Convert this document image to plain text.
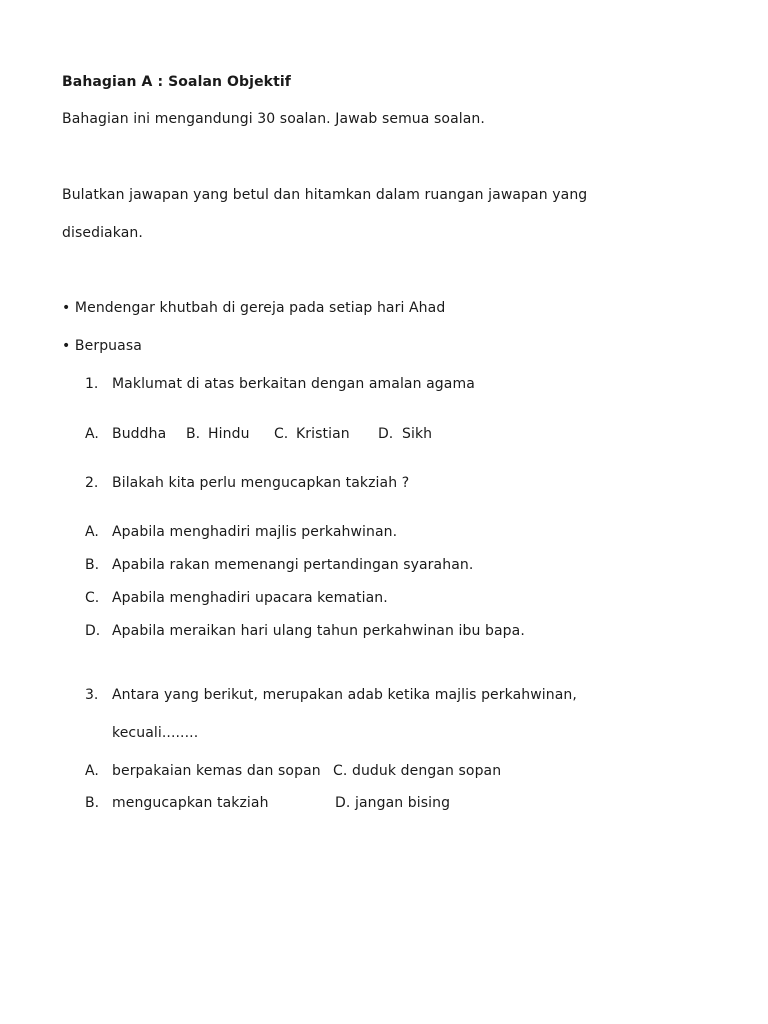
Bahagian A : Soalan Objektif
Bahagian ini mengandungi 30 soalan. Jawab semua soalan.
Bulatkan jawapan yang betul dan hitamkan dalam ruangan jawapan yang
disediakan.
• Mendengar khutbah di gereja pada setiap hari Ahad
• Berpuasa
1. Maklumat di atas berkaitan dengan amalan agama
A. Buddha B. Hindu C. Kristian D. Sikh
2. Bilakah kita perlu mengucapkan takziah ?
A. Apabila menghadiri majlis perkahwinan.
B. Apabila rakan memenangi pertandingan syarahan.
C. Apabila menghadiri upacara kematian.
D. Apabila meraikan hari ulang tahun perkahwinan ibu bapa.
3. Antara yang berikut, merupakan adab ketika majlis perkahwinan,
kecuali........
A. berpakaian kemas dan sopan C. duduk dengan sopan
B. mengucapkan takziah	D. jangan bising
